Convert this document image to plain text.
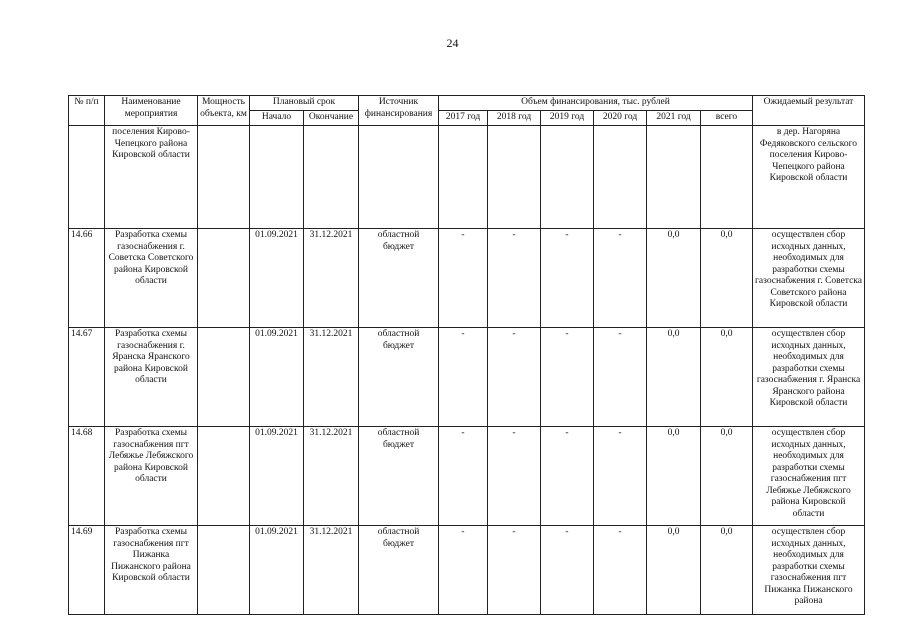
24
№ п/п	Наименование мероприятия	Мощность объекта, км	Плановый срок		Источник финансирования	Объем финансирования, тыс. рублей						Ожидаемый результат
			Начало	Окончание		2017 год	2018 год	2019 год	2020 год	2021 год	всего	

	поселения Кирово-Чепецкого района Кировской области											в дер. Нагоряна Федяковского сельского поселения Кирово-Чепецкого района Кировской области
14.66	Разработка схемы газоснабжения г. Советска Советского района Кировской области		01.09.2021	31.12.2021	областной бюджет	-	-	-	-	0,0	0,0	осуществлен сбор исходных данных, необходимых для разработки схемы газоснабжения г. Советска Советского района Кировской области
14.67	Разработка схемы газоснабжения г. Яранска Яранского района Кировской области		01.09.2021	31.12.2021	областной бюджет	-	-	-	-	0,0	0,0	осуществлен сбор исходных данных, необходимых для разработки схемы газоснабжения г. Яранска Яранского района Кировской области
14.68	Разработка схемы газоснабжения пгт Лебяжье Лебяжского района Кировской области		01.09.2021	31.12.2021	областной бюджет	-	-	-	-	0,0	0,0	осуществлен сбор исходных данных, необходимых для разработки схемы газоснабжения пгт Лебяжье Лебяжского района Кировской области
14.69	Разработка схемы газоснабжения пгт Пижанка Пижанского района Кировской области		01.09.2021	31.12.2021	областной бюджет	-	-	-	-	0,0	0,0	осуществлен сбор исходных данных, необходимых для разработки схемы газоснабжения пгт Пижанка Пижанского района
